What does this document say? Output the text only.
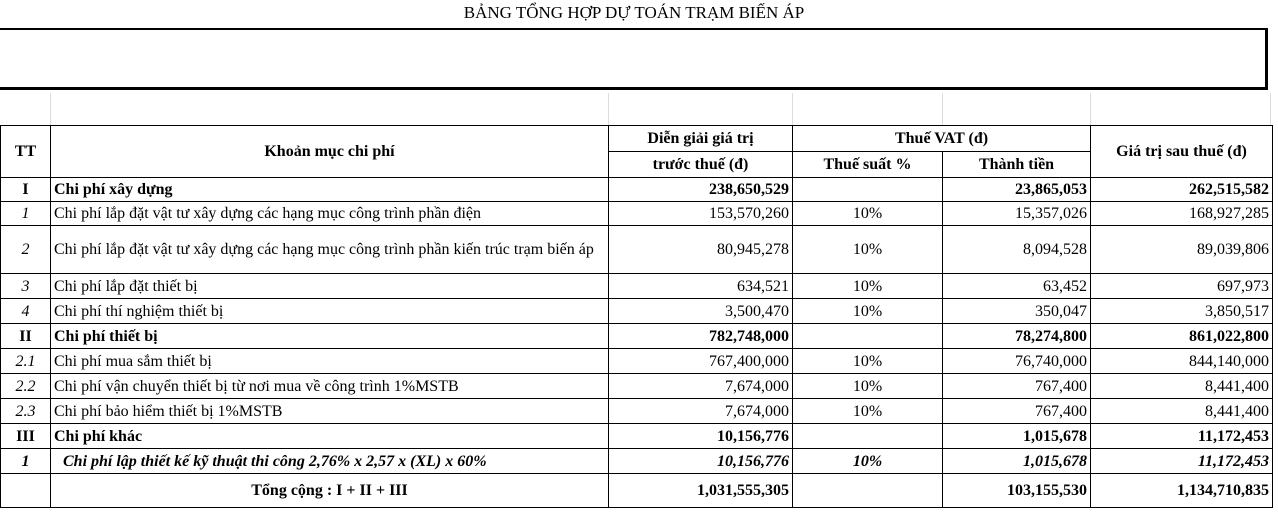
BẢNG TỔNG HỢP DỰ TOÁN TRẠM BIẾN ÁP
TT	Khoản mục chi phí	Diễn giải giá trị	Thuế VAT (đ)		Giá trị sau thuế (đ)
		trước thuế (đ)	Thuế suất %	Thành tiền	
I	Chi phí xây dựng	238,650,529		23,865,053	262,515,582
1	Chi phí lắp đặt vật tư xây dựng các hạng mục công trình phần điện	153,570,260	10%	15,357,026	168,927,285
2	Chi phí lắp đặt vật tư xây dựng các hạng mục công trình phần kiến trúc trạm biến áp	80,945,278	10%	8,094,528	89,039,806
3	Chi phí lắp đặt thiết bị	634,521	10%	63,452	697,973
4	Chi phí thí nghiệm thiết bị	3,500,470	10%	350,047	3,850,517
II	Chi phí thiết bị	782,748,000		78,274,800	861,022,800
2.1	Chi phí mua sắm thiết bị	767,400,000	10%	76,740,000	844,140,000
2.2	Chi phí vận chuyển thiết bị từ nơi mua về công trình 1%MSTB	7,674,000	10%	767,400	8,441,400
2.3	Chi phí bảo hiểm thiết bị 1%MSTB	7,674,000	10%	767,400	8,441,400
III	Chi phí khác	10,156,776		1,015,678	11,172,453
1	Chi phí lập thiết kế kỹ thuật thi công 2,76% x 2,57 x (XL) x 60%	10,156,776	10%	1,015,678	11,172,453
	Tổng cộng : I + II + III	1,031,555,305		103,155,530	1,134,710,835
